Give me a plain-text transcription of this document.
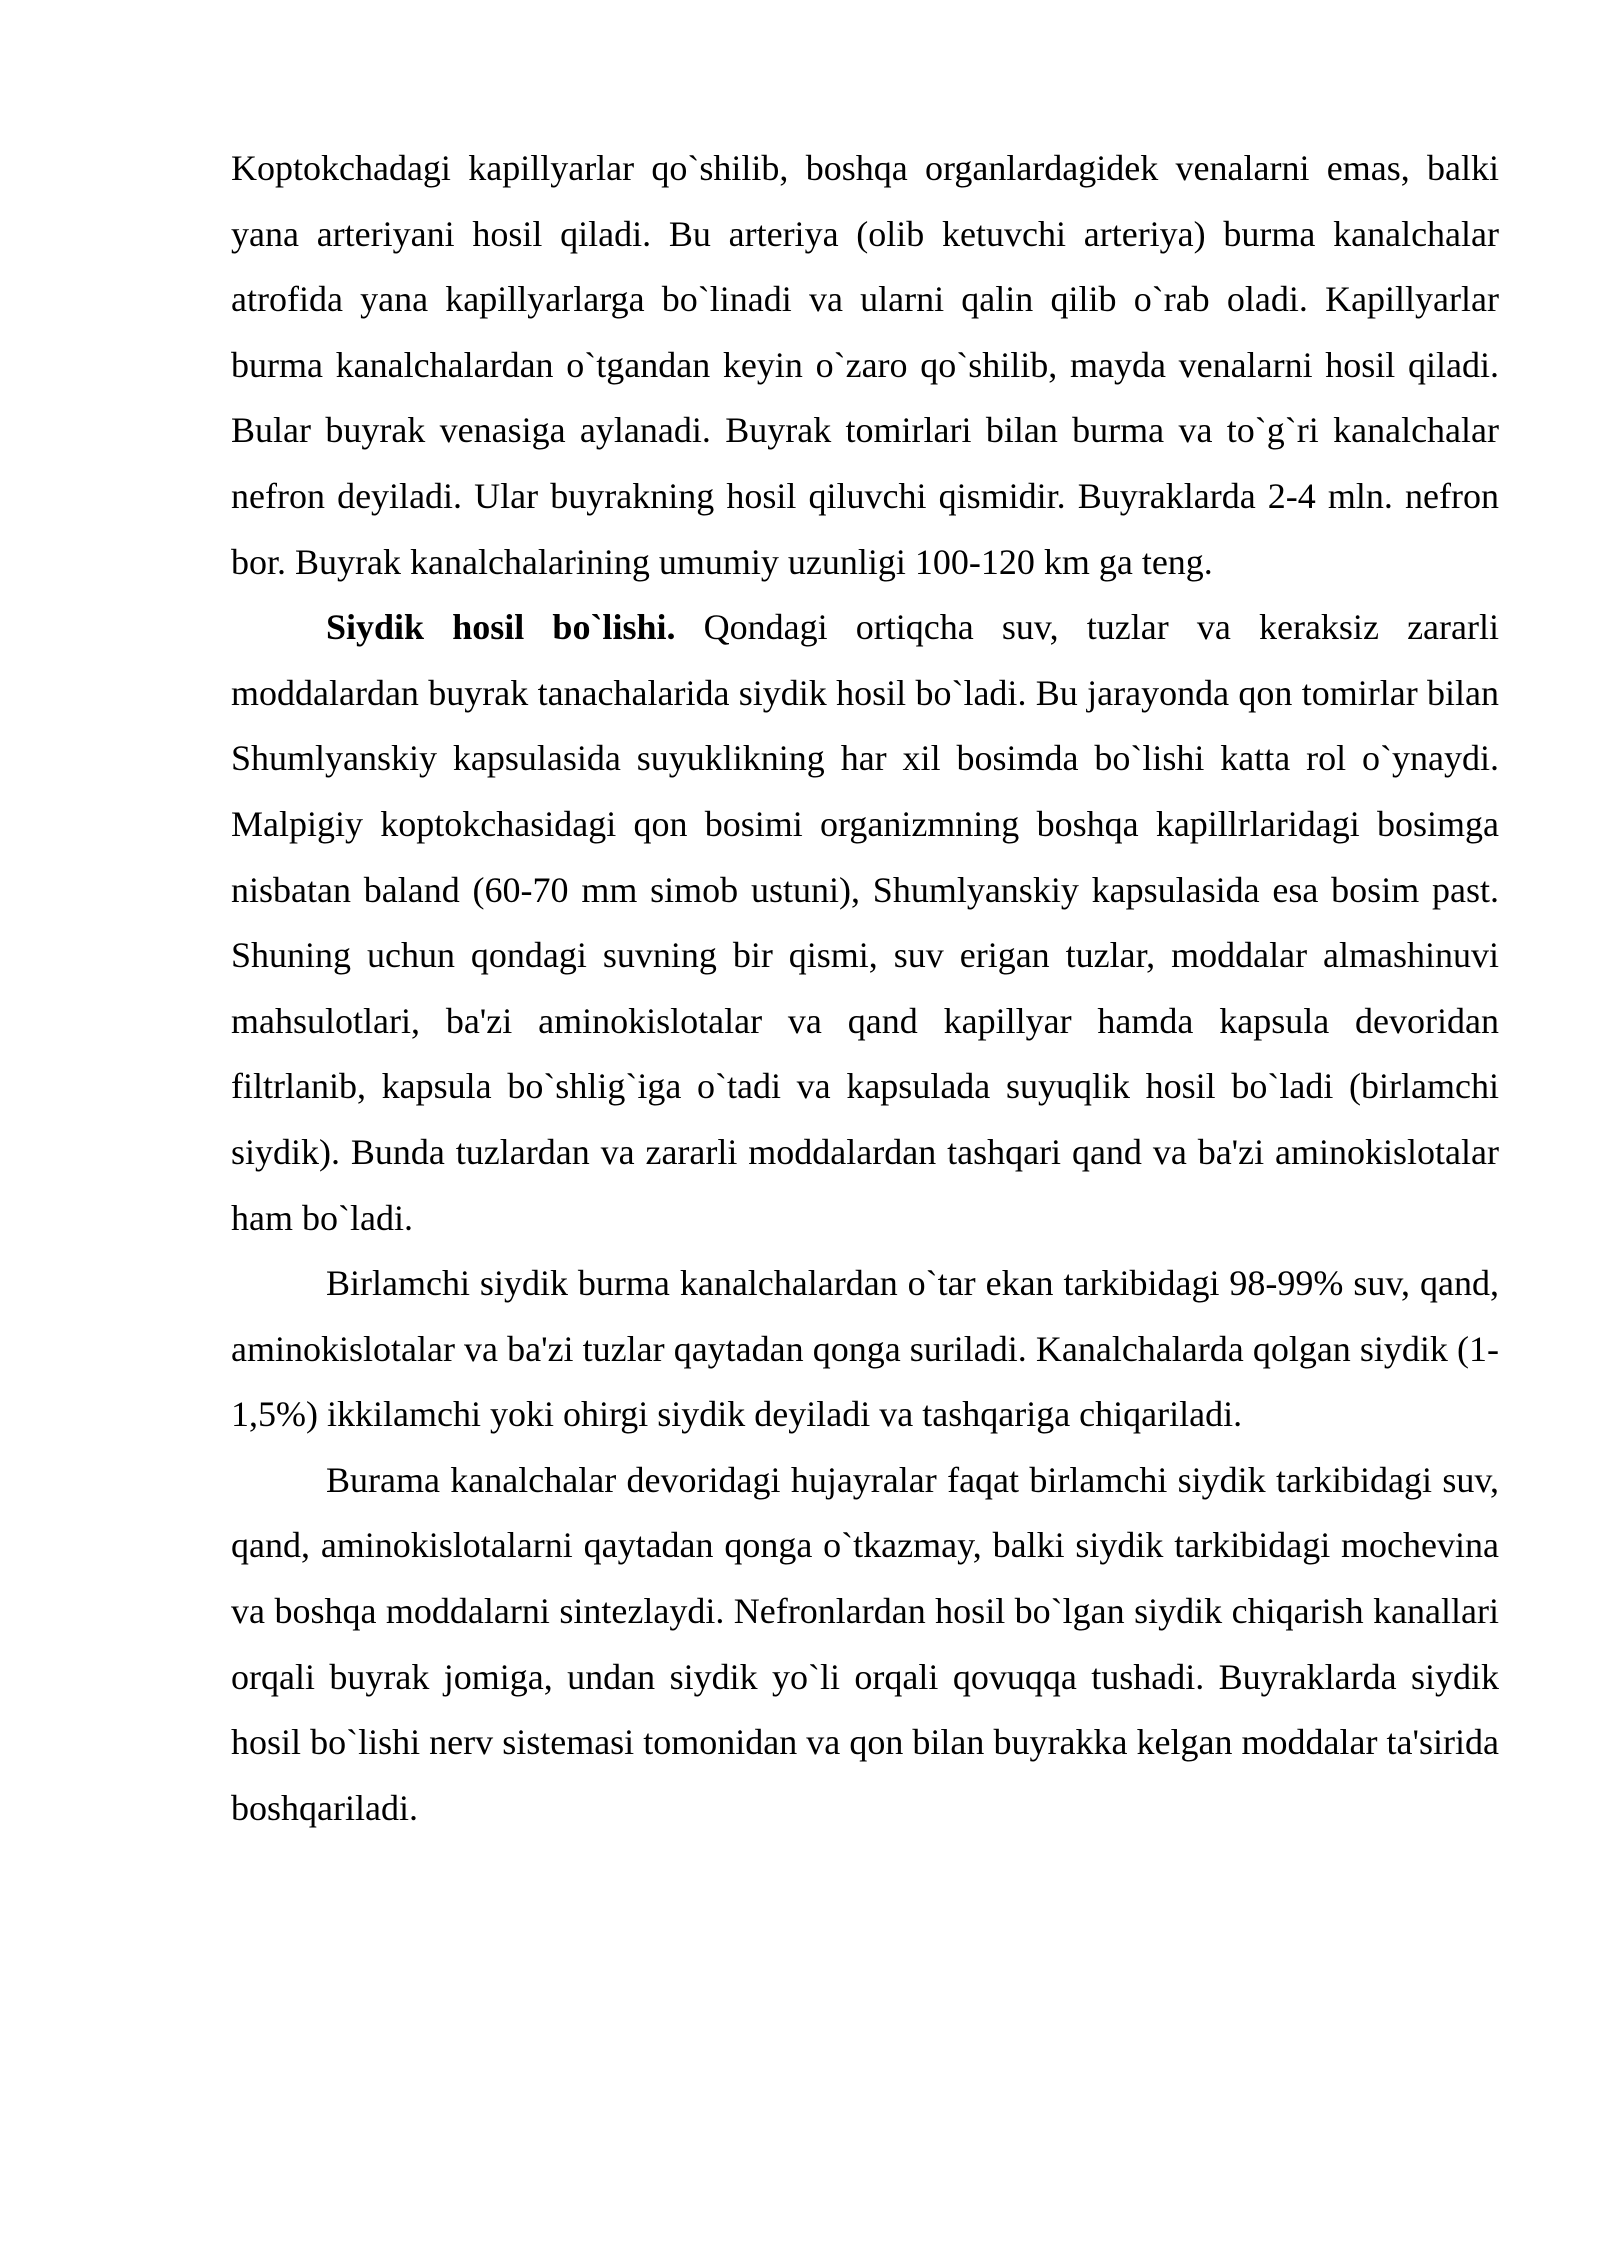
Koptokchadagi kapillyarlar qo`shilib, boshqa organlardagidek venalarni emas, balki yana arteriyani hosil qiladi. Bu arteriya (olib ketuvchi arteriya) burma kanalchalar atrofida yana kapillyarlarga bo`linadi va ularni qalin qilib o`rab oladi. Kapillyarlar burma kanalchalardan o`tgandan keyin o`zaro qo`shilib, mayda venalarni hosil qiladi. Bular buyrak venasiga aylanadi. Buyrak tomirlari bilan burma va to`g`ri kanalchalar nefron deyiladi. Ular buyrakning hosil qiluvchi qismidir. Buyraklarda 2-4 mln. nefron bor. Buyrak kanalchalarining umumiy uzunligi 100-120 km ga teng.

Siydik hosil bo`lishi. Qondagi ortiqcha suv, tuzlar va keraksiz zararli moddalardan buyrak tanachalarida siydik hosil bo`ladi. Bu jarayonda qon tomirlar bilan Shumlyanskiy kapsulasida suyuklikning har xil bosimda bo`lishi katta rol o`ynaydi. Malpigiy koptokchasidagi qon bosimi organizmning boshqa kapillrlaridagi bosimga nisbatan baland (60-70 mm simob ustuni), Shumlyanskiy kapsulasida esa bosim past. Shuning uchun qondagi suvning bir qismi, suv erigan tuzlar, moddalar almashinuvi mahsulotlari, ba'zi aminokislotalar va qand kapillyar hamda kapsula devoridan filtrlanib, kapsula bo`shlig`iga o`tadi va kapsulada suyuqlik hosil bo`ladi (birlamchi siydik). Bunda tuzlardan va zararli moddalardan tashqari qand va ba'zi aminokislotalar ham bo`ladi.

Birlamchi siydik burma kanalchalardan o`tar ekan tarkibidagi 98-99% suv, qand, aminokislotalar va ba'zi tuzlar qaytadan qonga suriladi. Kanalchalarda qolgan siydik (1-1,5%) ikkilamchi yoki ohirgi siydik deyiladi va tashqariga chiqariladi.

Burama kanalchalar devoridagi hujayralar faqat birlamchi siydik tarkibidagi suv, qand, aminokislotalarni qaytadan qonga o`tkazmay, balki siydik tarkibidagi mochevina va boshqa moddalarni sintezlaydi. Nefronlardan hosil bo`lgan siydik chiqarish kanallari orqali buyrak jomiga, undan siydik yo`li orqali qovuqqa tushadi. Buyraklarda siydik hosil bo`lishi nerv sistemasi tomonidan va qon bilan buyrakka kelgan moddalar ta'sirida boshqariladi.
